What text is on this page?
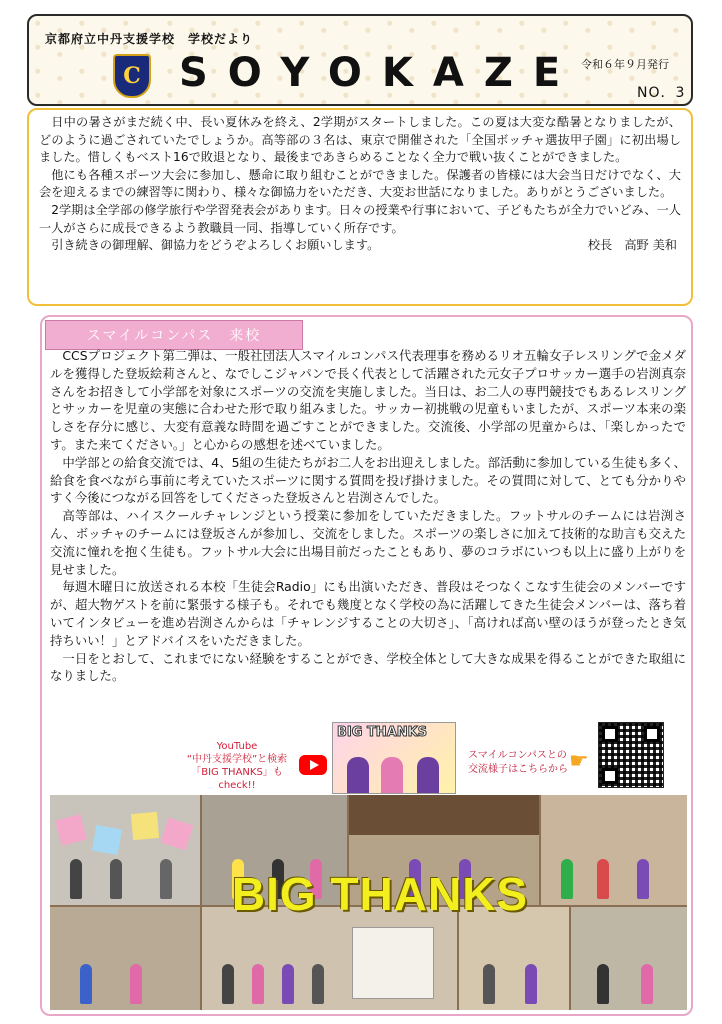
京都府立中丹支援学校　学校だより
C SOYOKAZE 令和６年９月発行
NO．3

日中の暑さがまだ続く中、長い夏休みを終え、2学期がスタートしました。この夏は大変な酷暑となりましたが、どのように過ごされていたでしょうか。高等部の３名は、東京で開催された「全国ボッチャ選抜甲子園」に初出場しました。惜しくもベスト16で敗退となり、最後まであきらめることなく全力で戦い抜くことができました。

他にも各種スポーツ大会に参加し、懸命に取り組むことができました。保護者の皆様には大会当日だけでなく、大会を迎えるまでの練習等に関わり、様々な御協力をいただき、大変お世話になりました。ありがとうございました。

2学期は全学部の修学旅行や学習発表会があります。日々の授業や行事において、子どもたちが全力でいどみ、一人一人がさらに成長できるよう教職員一同、指導していく所存です。

引き続きの御理解、御協力をどうぞよろしくお願いします。	校長　高野 美和

スマイルコンパス　来校

CCSプロジェクト第二弾は、一般社団法人スマイルコンパス代表理事を務めるリオ五輪女子レスリングで金メダルを獲得した登坂絵莉さんと、なでしこジャパンで長く代表として活躍された元女子プロサッカー選手の岩渕真奈さんをお招きして小学部を対象にスポーツの交流を実施しました。当日は、お二人の専門競技でもあるレスリングとサッカーを児童の実態に合わせた形で取り組みました。サッカー初挑戦の児童もいましたが、スポーツ本来の楽しさを存分に感じ、大変有意義な時間を過ごすことができました。交流後、小学部の児童からは、「楽しかったです。また来てください。」と心からの感想を述べていました。

中学部との給食交流では、4、5組の生徒たちがお二人をお出迎えしました。部活動に参加している生徒も多く、給食を食べながら事前に考えていたスポーツに関する質問を投げ掛けました。その質問に対して、とても分かりやすく今後につながる回答をしてくださった登坂さんと岩渕さんでした。

高等部は、ハイスクールチャレンジという授業に参加をしていただきました。フットサルのチームには岩渕さん、ボッチャのチームには登坂さんが参加し、交流をしました。スポーツの楽しさに加えて技術的な助言も交えた交流に憧れを抱く生徒も。フットサル大会に出場目前だったこともあり、夢のコラボにいつも以上に盛り上がりを見せました。

毎週木曜日に放送される本校「生徒会Radio」にも出演いただき、普段はそつなくこなす生徒会のメンバーですが、超大物ゲストを前に緊張する様子も。それでも幾度となく学校の為に活躍してきた生徒会メンバーは、落ち着いてインタビューを進め岩渕さんからは「チャレンジすることの大切さ」、「高ければ高い壁のほうが登ったとき気持ちいい！」とアドバイスをいただきました。

一日をとおして、これまでにない経験をすることができ、学校全体として大きな成果を得ることができた取組になりました。

YouTube
“中丹支援学校”と検索
「BIG THANKS」もcheck!!
BIG THANKS
スマイルコンパスとの
交流様子はこちらから ☛
BIG THANKS
